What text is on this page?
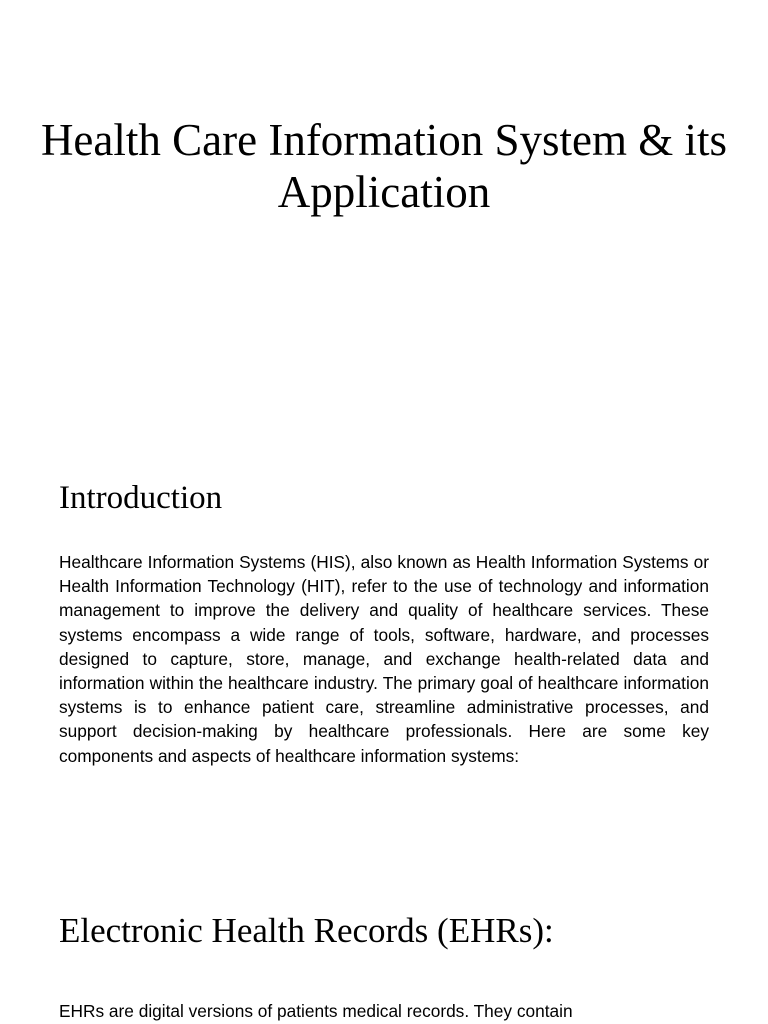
Health Care Information System & its Application
Introduction

Healthcare Information Systems (HIS), also known as Health Information Systems or Health Information Technology (HIT), refer to the use of technology and information management to improve the delivery and quality of healthcare services. These systems encompass a wide range of tools, software, hardware, and processes designed to capture, store, manage, and exchange health-related data and information within the healthcare industry. The primary goal of healthcare information systems is to enhance patient care, streamline administrative processes, and support decision-making by healthcare professionals. Here are some key components and aspects of healthcare information systems:

Electronic Health Records (EHRs):

EHRs are digital versions of patients medical records. They contain
